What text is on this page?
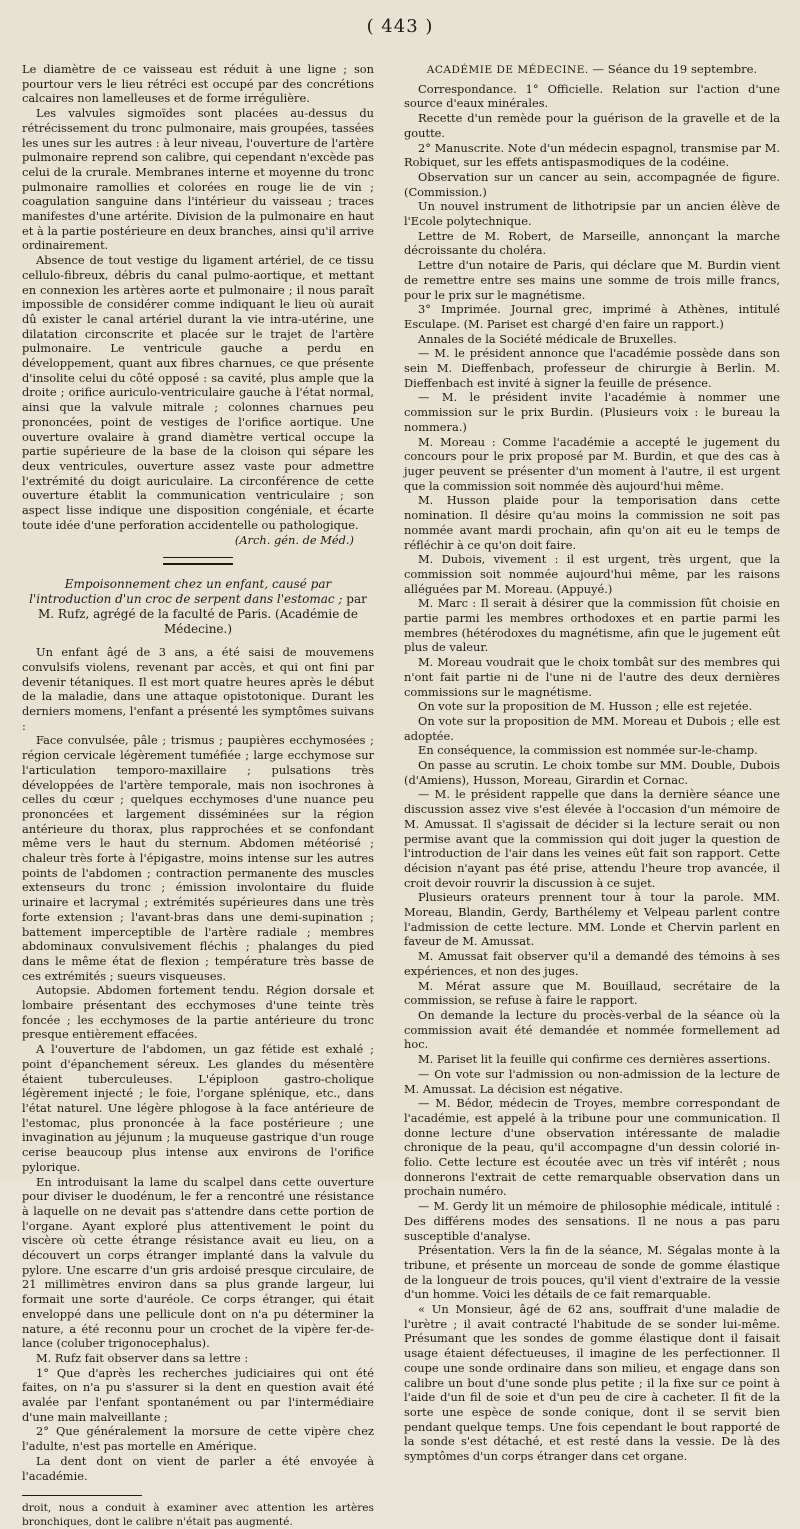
( 443 )

Le diamètre de ce vaisseau est réduit à une ligne ; son pourtour vers le lieu rétréci est occupé par des concrétions calcaires non lamelleuses et de forme irrégulière.

Les valvules sigmoïdes sont placées au-dessus du rétrécissement du tronc pulmonaire, mais groupées, tassées les unes sur les autres : à leur niveau, l'ouverture de l'artère pulmonaire reprend son calibre, qui cependant n'excède pas celui de la crurale. Membranes interne et moyenne du tronc pulmonaire ramollies et colorées en rouge lie de vin ; coagulation sanguine dans l'intérieur du vaisseau ; traces manifestes d'une artérite. Division de la pulmonaire en haut et à la partie postérieure en deux branches, ainsi qu'il arrive ordinairement.

Absence de tout vestige du ligament artériel, de ce tissu cellulo-fibreux, débris du canal pulmo-aortique, et mettant en connexion les artères aorte et pulmonaire ; il nous paraît impossible de considérer comme indiquant le lieu où aurait dû exister le canal artériel durant la vie intra-utérine, une dilatation circonscrite et placée sur le trajet de l'artère pulmonaire. Le ventricule gauche a perdu en développement, quant aux fibres charnues, ce que présente d'insolite celui du côté opposé : sa cavité, plus ample que la droite ; orifice auriculo-ventriculaire gauche à l'état normal, ainsi que la valvule mitrale ; colonnes charnues peu prononcées, point de vestiges de l'orifice aortique. Une ouverture ovalaire à grand diamètre vertical occupe la partie supérieure de la base de la cloison qui sépare les deux ventricules, ouverture assez vaste pour admettre l'extrémité du doigt auriculaire. La circonférence de cette ouverture établit la communication ventriculaire ; son aspect lisse indique une disposition congéniale, et écarte toute idée d'une perforation accidentelle ou pathologique.

(Arch. gén. de Méd.)
Empoisonnement chez un enfant, causé par l'introduction d'un croc de serpent dans l'estomac ; par M. Rufz, agrégé de la faculté de Paris. (Académie de Médecine.)

Un enfant âgé de 3 ans, a été saisi de mouvemens convulsifs violens, revenant par accès, et qui ont fini par devenir tétaniques. Il est mort quatre heures après le début de la maladie, dans une attaque opistotonique. Durant les derniers momens, l'enfant a présenté les symptômes suivans :

Face convulsée, pâle ; trismus ; paupières ecchymosées ; région cervicale légèrement tuméfiée ; large ecchymose sur l'articulation temporo-maxillaire ; pulsations très développées de l'artère temporale, mais non isochrones à celles du cœur ; quelques ecchymoses d'une nuance peu prononcées et largement disséminées sur la région antérieure du thorax, plus rapprochées et se confondant même vers le haut du sternum. Abdomen météorisé ; chaleur très forte à l'épigastre, moins intense sur les autres points de l'abdomen ; contraction permanente des muscles extenseurs du tronc ; émission involontaire du fluide urinaire et lacrymal ; extrémités supérieures dans une très forte extension ; l'avant-bras dans une demi-supination ; battement imperceptible de l'artère radiale ; membres abdominaux convulsivement fléchis ; phalanges du pied dans le même état de flexion ; température très basse de ces extrémités ; sueurs visqueuses.

Autopsie. Abdomen fortement tendu. Région dorsale et lombaire présentant des ecchymoses d'une teinte très foncée ; les ecchymoses de la partie antérieure du tronc presque entièrement effacées.

A l'ouverture de l'abdomen, un gaz fétide est exhalé ; point d'épanchement séreux. Les glandes du mésentère étaient tuberculeuses. L'épiploon gastro-cholique légèrement injecté ; le foie, l'organe splénique, etc., dans l'état naturel. Une légère phlogose à la face antérieure de l'estomac, plus prononcée à la face postérieure ; une invagination au jéjunum ; la muqueuse gastrique d'un rouge cerise beaucoup plus intense aux environs de l'orifice pylorique.

En introduisant la lame du scalpel dans cette ouverture pour diviser le duodénum, le fer a rencontré une résistance à laquelle on ne devait pas s'attendre dans cette portion de l'organe. Ayant exploré plus attentivement le point du viscère où cette étrange résistance avait eu lieu, on a découvert un corps étranger implanté dans la valvule du pylore. Une escarre d'un gris ardoisé presque circulaire, de 21 millimètres environ dans sa plus grande largeur, lui formait une sorte d'auréole. Ce corps étranger, qui était enveloppé dans une pellicule dont on n'a pu déterminer la nature, a été reconnu pour un crochet de la vipère fer-de-lance (coluber trigonocephalus).

M. Rufz fait observer dans sa lettre :

1° Que d'après les recherches judiciaires qui ont été faites, on n'a pu s'assurer si la dent en question avait été avalée par l'enfant spontanément ou par l'intermédiaire d'une main malveillante ;

2° Que généralement la morsure de cette vipère chez l'adulte, n'est pas mortelle en Amérique.

La dent dont on vient de parler a été envoyée à l'académie.

droit, nous a conduit à examiner avec attention les artères bronchiques, dont le calibre n'était pas augmenté.

ACADÉMIE DE MÉDECINE. — Séance du 19 septembre.

Correspondance. 1° Officielle. Relation sur l'action d'une source d'eaux minérales.

Recette d'un remède pour la guérison de la gravelle et de la goutte.

2° Manuscrite. Note d'un médecin espagnol, transmise par M. Robiquet, sur les effets antispasmodiques de la codéine.

Observation sur un cancer au sein, accompagnée de figure. (Commission.)

Un nouvel instrument de lithotripsie par un ancien élève de l'Ecole polytechnique.

Lettre de M. Robert, de Marseille, annonçant la marche décroissante du choléra.

Lettre d'un notaire de Paris, qui déclare que M. Burdin vient de remettre entre ses mains une somme de trois mille francs, pour le prix sur le magnétisme.

3° Imprimée. Journal grec, imprimé à Athènes, intitulé Esculape. (M. Pariset est chargé d'en faire un rapport.)

Annales de la Société médicale de Bruxelles.

— M. le président annonce que l'académie possède dans son sein M. Dieffenbach, professeur de chirurgie à Berlin. M. Dieffenbach est invité à signer la feuille de présence.

— M. le président invite l'académie à nommer une commission sur le prix Burdin. (Plusieurs voix : le bureau la nommera.)

M. Moreau : Comme l'académie a accepté le jugement du concours pour le prix proposé par M. Burdin, et que des cas à juger peuvent se présenter d'un moment à l'autre, il est urgent que la commission soit nommée dès aujourd'hui même.

M. Husson plaide pour la temporisation dans cette nomination. Il désire qu'au moins la commission ne soit pas nommée avant mardi prochain, afin qu'on ait eu le temps de réfléchir à ce qu'on doit faire.

M. Dubois, vivement : il est urgent, très urgent, que la commission soit nommée aujourd'hui même, par les raisons alléguées par M. Moreau. (Appuyé.)

M. Marc : Il serait à désirer que la commission fût choisie en partie parmi les membres orthodoxes et en partie parmi les membres (hétérodoxes du magnétisme, afin que le jugement eût plus de valeur.

M. Moreau voudrait que le choix tombât sur des membres qui n'ont fait partie ni de l'une ni de l'autre des deux dernières commissions sur le magnétisme.

On vote sur la proposition de M. Husson ; elle est rejetée.

On vote sur la proposition de MM. Moreau et Dubois ; elle est adoptée.

En conséquence, la commission est nommée sur-le-champ.

On passe au scrutin. Le choix tombe sur MM. Double, Dubois (d'Amiens), Husson, Moreau, Girardin et Cornac.

— M. le président rappelle que dans la dernière séance une discussion assez vive s'est élevée à l'occasion d'un mémoire de M. Amussat. Il s'agissait de décider si la lecture serait ou non permise avant que la commission qui doit juger la question de l'introduction de l'air dans les veines eût fait son rapport. Cette décision n'ayant pas été prise, attendu l'heure trop avancée, il croit devoir rouvrir la discussion à ce sujet.

Plusieurs orateurs prennent tour à tour la parole. MM. Moreau, Blandin, Gerdy, Barthélemy et Velpeau parlent contre l'admission de cette lecture. MM. Londe et Chervin parlent en faveur de M. Amussat.

M. Amussat fait observer qu'il a demandé des témoins à ses expériences, et non des juges.

M. Mérat assure que M. Bouillaud, secrétaire de la commission, se refuse à faire le rapport.

On demande la lecture du procès-verbal de la séance où la commission avait été demandée et nommée formellement ad hoc.

M. Pariset lit la feuille qui confirme ces dernières assertions.

— On vote sur l'admission ou non-admission de la lecture de M. Amussat. La décision est négative.

— M. Bédor, médecin de Troyes, membre correspondant de l'académie, est appelé à la tribune pour une communication. Il donne lecture d'une observation intéressante de maladie chronique de la peau, qu'il accompagne d'un dessin colorié in-folio. Cette lecture est écoutée avec un très vif intérêt ; nous donnerons l'extrait de cette remarquable observation dans un prochain numéro.

— M. Gerdy lit un mémoire de philosophie médicale, intitulé : Des différens modes des sensations. Il ne nous a pas paru susceptible d'analyse.

Présentation. Vers la fin de la séance, M. Ségalas monte à la tribune, et présente un morceau de sonde de gomme élastique de la longueur de trois pouces, qu'il vient d'extraire de la vessie d'un homme. Voici les détails de ce fait remarquable.

« Un Monsieur, âgé de 62 ans, souffrait d'une maladie de l'urètre ; il avait contracté l'habitude de se sonder lui-même. Présumant que les sondes de gomme élastique dont il faisait usage étaient défectueuses, il imagine de les perfectionner. Il coupe une sonde ordinaire dans son milieu, et engage dans son calibre un bout d'une sonde plus petite ; il la fixe sur ce point à l'aide d'un fil de soie et d'un peu de cire à cacheter. Il fit de la sorte une espèce de sonde conique, dont il se servit bien pendant quelque temps. Une fois cependant le bout rapporté de la sonde s'est détaché, et est resté dans la vessie. De là des symptômes d'un corps étranger dans cet organe.
